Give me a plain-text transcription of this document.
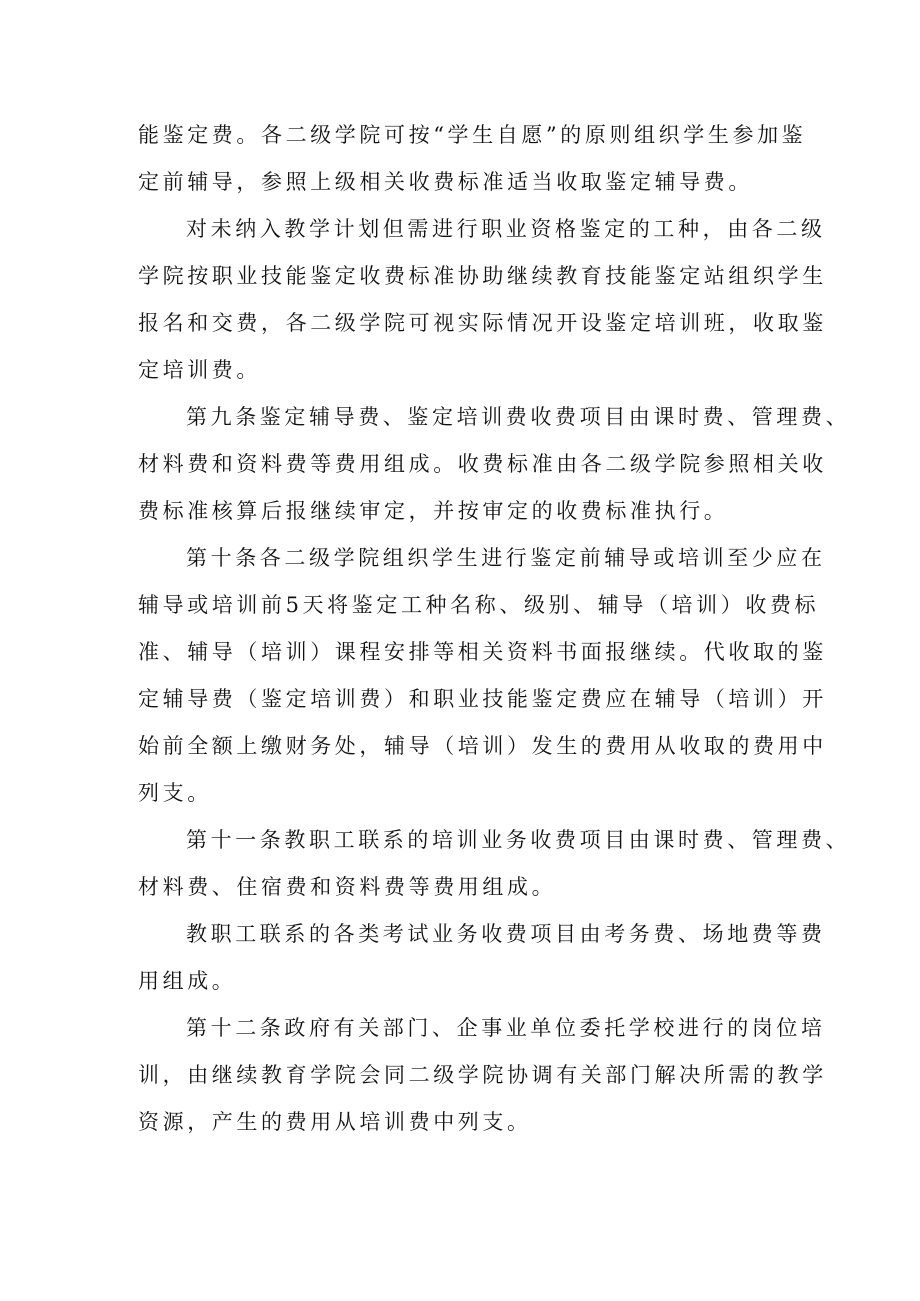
能鉴定费。各二级学院可按“学生自愿”的原则组织学生参加鉴
定前辅导，参照上级相关收费标准适当收取鉴定辅导费。

对未纳入教学计划但需进行职业资格鉴定的工种，由各二级
学院按职业技能鉴定收费标准协助继续教育技能鉴定站组织学生
报名和交费，各二级学院可视实际情况开设鉴定培训班，收取鉴
定培训费。

第九条鉴定辅导费、鉴定培训费收费项目由课时费、管理费、
材料费和资料费等费用组成。收费标准由各二级学院参照相关收
费标准核算后报继续审定，并按审定的收费标准执行。

第十条各二级学院组织学生进行鉴定前辅导或培训至少应在
辅导或培训前5天将鉴定工种名称、级别、辅导（培训）收费标
准、辅导（培训）课程安排等相关资料书面报继续。代收取的鉴
定辅导费（鉴定培训费）和职业技能鉴定费应在辅导（培训）开
始前全额上缴财务处，辅导（培训）发生的费用从收取的费用中
列支。

第十一条教职工联系的培训业务收费项目由课时费、管理费、
材料费、住宿费和资料费等费用组成。

教职工联系的各类考试业务收费项目由考务费、场地费等费
用组成。

第十二条政府有关部门、企事业单位委托学校进行的岗位培
训，由继续教育学院会同二级学院协调有关部门解决所需的教学
资源，产生的费用从培训费中列支。
